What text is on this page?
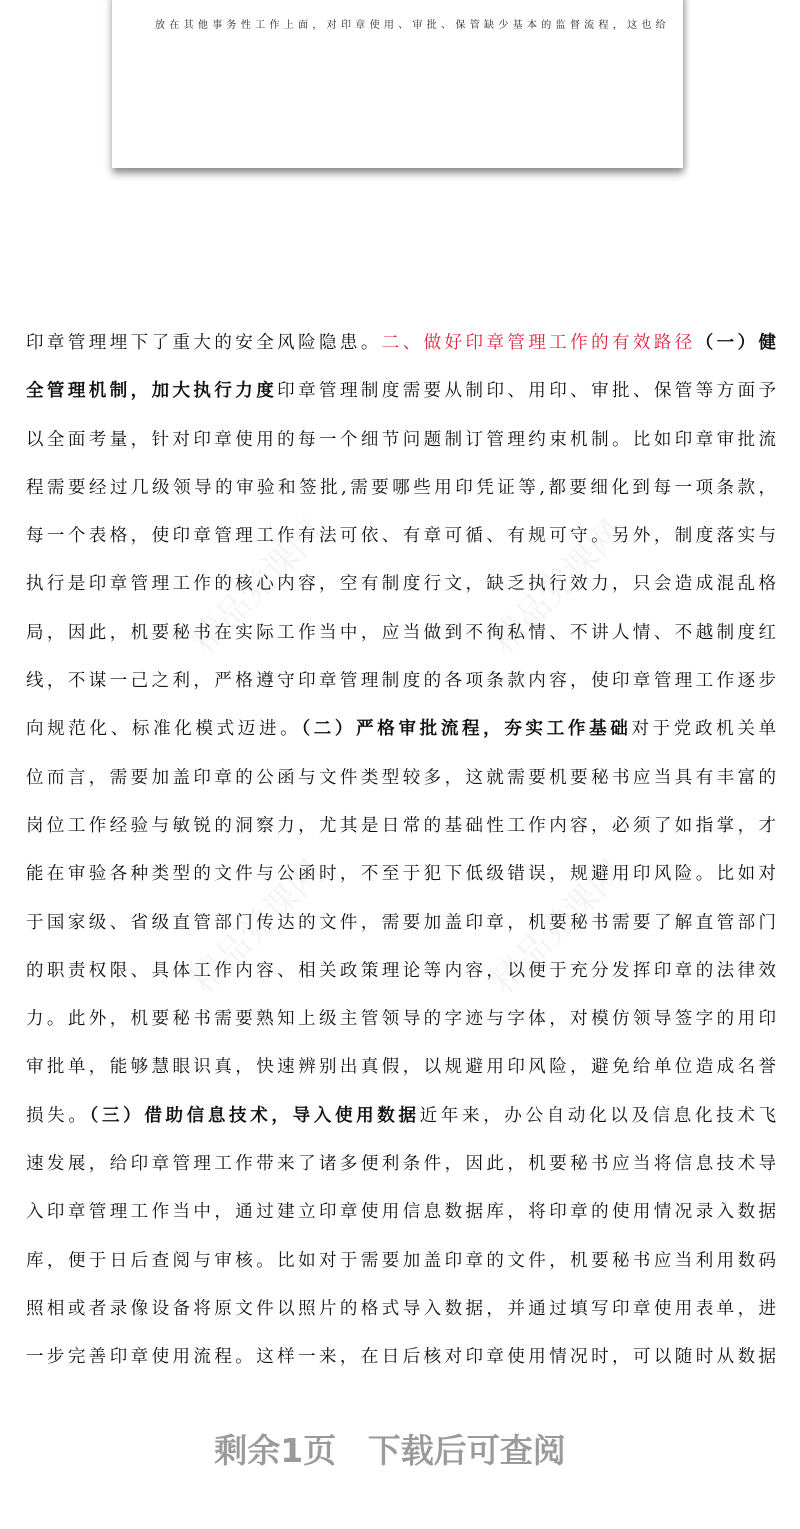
放在其他事务性工作上面，对印章使用、审批、保管缺少基本的监督流程，这也给
精品党课网	精品党课网
精品党课网	精品党课网
印章管理埋下了重大的安全风险隐患。二、做好印章管理工作的有效路径（一）健
全管理机制，加大执行力度印章管理制度需要从制印、用印、审批、保管等方面予
以全面考量，针对印章使用的每一个细节问题制订管理约束机制。比如印章审批流
程需要经过几级领导的审验和签批,需要哪些用印凭证等,都要细化到每一项条款，
每一个表格，使印章管理工作有法可依、有章可循、有规可守。另外，制度落实与
执行是印章管理工作的核心内容，空有制度行文，缺乏执行效力，只会造成混乱格
局，因此，机要秘书在实际工作当中，应当做到不徇私情、不讲人情、不越制度红
线，不谋一己之利，严格遵守印章管理制度的各项条款内容，使印章管理工作逐步
向规范化、标准化模式迈进。（二）严格审批流程，夯实工作基础对于党政机关单
位而言，需要加盖印章的公函与文件类型较多，这就需要机要秘书应当具有丰富的
岗位工作经验与敏锐的洞察力，尤其是日常的基础性工作内容，必须了如指掌，才
能在审验各种类型的文件与公函时，不至于犯下低级错误，规避用印风险。比如对
于国家级、省级直管部门传达的文件，需要加盖印章，机要秘书需要了解直管部门
的职责权限、具体工作内容、相关政策理论等内容，以便于充分发挥印章的法律效
力。此外，机要秘书需要熟知上级主管领导的字迹与字体，对模仿领导签字的用印
审批单，能够慧眼识真，快速辨别出真假，以规避用印风险，避免给单位造成名誉
损失。（三）借助信息技术，导入使用数据近年来，办公自动化以及信息化技术飞
速发展，给印章管理工作带来了诸多便利条件，因此，机要秘书应当将信息技术导
入印章管理工作当中，通过建立印章使用信息数据库，将印章的使用情况录入数据
库，便于日后查阅与审核。比如对于需要加盖印章的文件，机要秘书应当利用数码
照相或者录像设备将原文件以照片的格式导入数据，并通过填写印章使用表单，进
一步完善印章使用流程。这样一来，在日后核对印章使用情况时，可以随时从数据
剩余1页 下载后可查阅
